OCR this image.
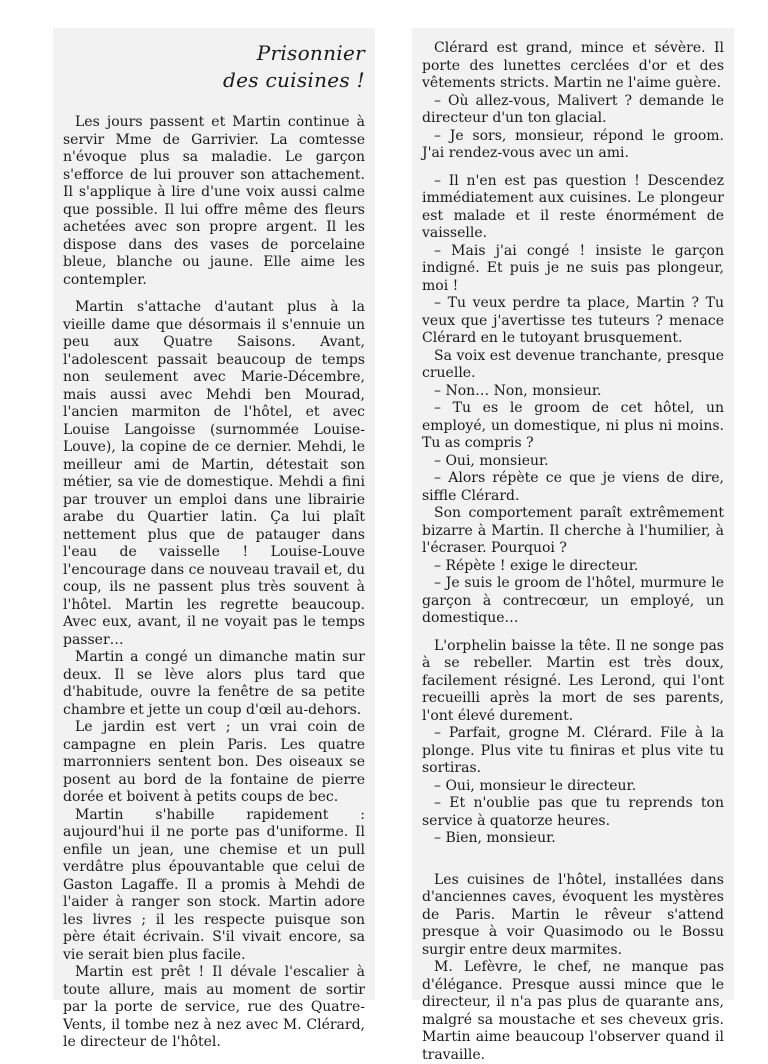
Prisonnier
des cuisines !

Les jours passent et Martin continue à servir Mme de Garrivier. La comtesse n'évoque plus sa maladie. Le garçon s'efforce de lui prouver son attachement. Il s'applique à lire d'une voix aussi calme que possible. Il lui offre même des fleurs achetées avec son propre argent. Il les dispose dans des vases de porcelaine bleue, blanche ou jaune. Elle aime les contempler.

Martin s'attache d'autant plus à la vieille dame que désormais il s'ennuie un peu aux Quatre Saisons. Avant, l'adolescent passait beaucoup de temps non seulement avec Marie-Décembre, mais aussi avec Mehdi ben Mourad, l'ancien marmiton de l'hôtel, et avec Louise Langoisse (surnommée Louise-Louve), la copine de ce dernier. Mehdi, le meilleur ami de Martin, détestait son métier, sa vie de domestique. Mehdi a fini par trouver un emploi dans une librairie arabe du Quartier latin. Ça lui plaît nettement plus que de patauger dans l'eau de vaisselle ! Louise-Louve l'encourage dans ce nouveau travail et, du coup, ils ne passent plus très souvent à l'hôtel. Martin les regrette beaucoup. Avec eux, avant, il ne voyait pas le temps passer…

Martin a congé un dimanche matin sur deux. Il se lève alors plus tard que d'habitude, ouvre la fenêtre de sa petite chambre et jette un coup d'œil au-dehors.

Le jardin est vert ; un vrai coin de campagne en plein Paris. Les quatre marronniers sentent bon. Des oiseaux se posent au bord de la fontaine de pierre dorée et boivent à petits coups de bec.

Martin s'habille rapidement : aujourd'hui il ne porte pas d'uniforme. Il enfile un jean, une chemise et un pull verdâtre plus épouvantable que celui de Gaston Lagaffe. Il a promis à Mehdi de l'aider à ranger son stock. Martin adore les livres ; il les respecte puisque son père était écrivain. S'il vivait encore, sa vie serait bien plus facile.

Martin est prêt ! Il dévale l'escalier à toute allure, mais au moment de sortir par la porte de service, rue des Quatre-Vents, il tombe nez à nez avec M. Clérard, le directeur de l'hôtel.

Clérard est grand, mince et sévère. Il porte des lunettes cerclées d'or et des vêtements stricts. Martin ne l'aime guère.

– Où allez-vous, Malivert ? demande le directeur d'un ton glacial.

– Je sors, monsieur, répond le groom. J'ai rendez-vous avec un ami.

– Il n'en est pas question ! Descendez immédiatement aux cuisines. Le plongeur est malade et il reste énormément de vaisselle.

– Mais j'ai congé ! insiste le garçon indigné. Et puis je ne suis pas plongeur, moi !

– Tu veux perdre ta place, Martin ? Tu veux que j'avertisse tes tuteurs ? menace Clérard en le tutoyant brusquement.

Sa voix est devenue tranchante, presque cruelle.

– Non… Non, monsieur.

– Tu es le groom de cet hôtel, un employé, un domestique, ni plus ni moins. Tu as compris ?

– Oui, monsieur.

– Alors répète ce que je viens de dire, siffle Clérard.

Son comportement paraît extrêmement bizarre à Martin. Il cherche à l'humilier, à l'écraser. Pourquoi ?

– Répète ! exige le directeur.

– Je suis le groom de l'hôtel, murmure le garçon à contrecœur, un employé, un domestique…

L'orphelin baisse la tête. Il ne songe pas à se rebeller. Martin est très doux, facilement résigné. Les Lerond, qui l'ont recueilli après la mort de ses parents, l'ont élevé durement.

– Parfait, grogne M. Clérard. File à la plonge. Plus vite tu finiras et plus vite tu sortiras.

– Oui, monsieur le directeur.

– Et n'oublie pas que tu reprends ton service à quatorze heures.

– Bien, monsieur.

Les cuisines de l'hôtel, installées dans d'anciennes caves, évoquent les mystères de Paris. Martin le rêveur s'attend presque à voir Quasimodo ou le Bossu surgir entre deux marmites.

M. Lefèvre, le chef, ne manque pas d'élégance. Presque aussi mince que le directeur, il n'a pas plus de quarante ans, malgré sa moustache et ses cheveux gris. Martin aime beaucoup l'observer quand il travaille.
